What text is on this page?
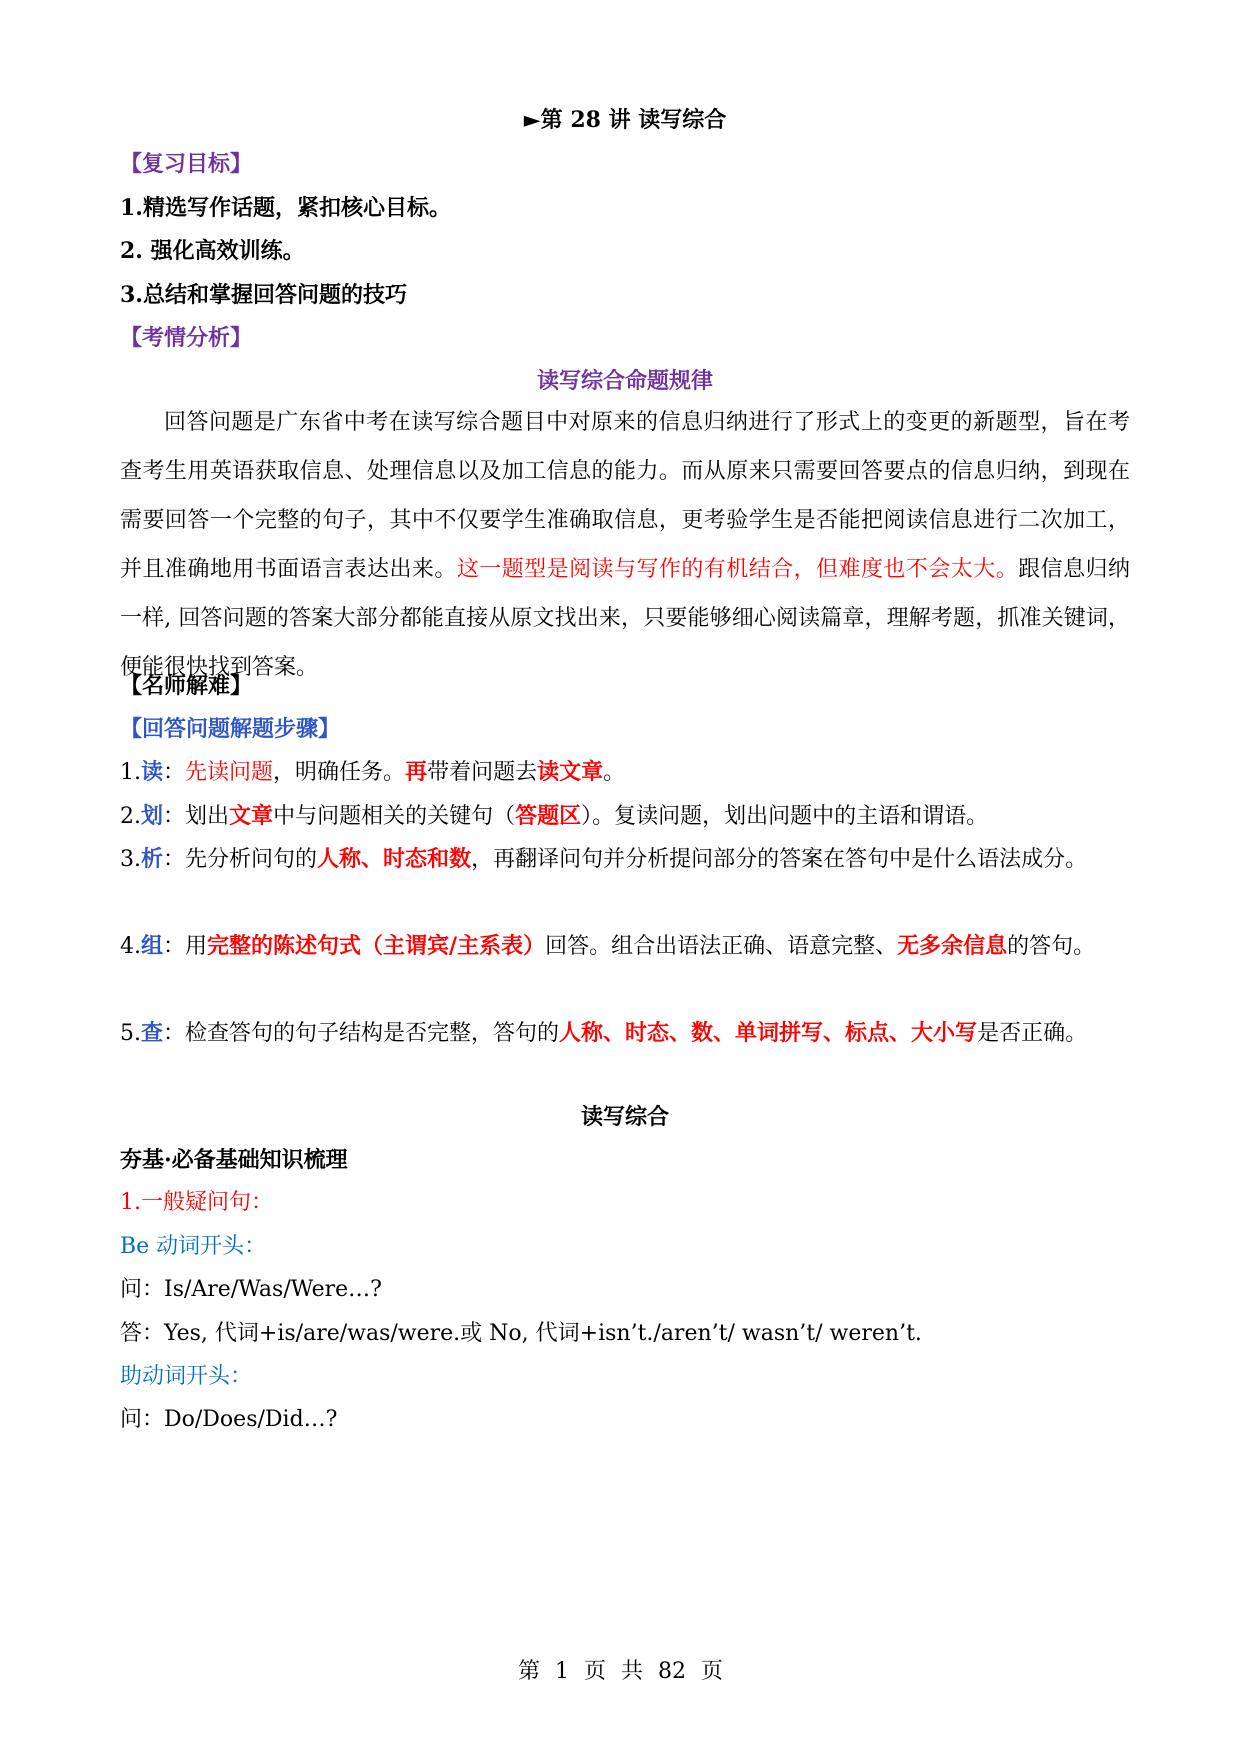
►第 28 讲 读写综合
【复习目标】
1.精选写作话题，紧扣核心目标。
2. 强化高效训练。
3.总结和掌握回答问题的技巧
【考情分析】
读写综合命题规律
回答问题是广东省中考在读写综合题目中对原来的信息归纳进行了形式上的变更的新题型，旨在考查考生用英语获取信息、处理信息以及加工信息的能力。而从原来只需要回答要点的信息归纳，到现在需要回答一个完整的句子，其中不仅要学生准确取信息，更考验学生是否能把阅读信息进行二次加工，并且准确地用书面语言表达出来。这一题型是阅读与写作的有机结合，但难度也不会太大。跟信息归纳一样, 回答问题的答案大部分都能直接从原文找出来，只要能够细心阅读篇章，理解考题，抓准关键词，便能很快找到答案。
【名师解难】
【回答问题解题步骤】
1.读：先读问题，明确任务。再带着问题去读文章。
2.划：划出文章中与问题相关的关键句（答题区）。复读问题，划出问题中的主语和谓语。
3.析：先分析问句的人称、时态和数，再翻译问句并分析提问部分的答案在答句中是什么语法成分。
4.组：用完整的陈述句式（主谓宾/主系表）回答。组合出语法正确、语意完整、无多余信息的答句。
5.查：检查答句的句子结构是否完整，答句的人称、时态、数、单词拼写、标点、大小写是否正确。
读写综合
夯基·必备基础知识梳理
1.一般疑问句：
Be 动词开头：
问：Is/Are/Was/Were…?
答：Yes, 代词+is/are/was/were.或 No, 代词+isn’t./aren’t/ wasn’t/ weren’t.
助动词开头：
问：Do/Does/Did…?
第 1 页 共 82 页
